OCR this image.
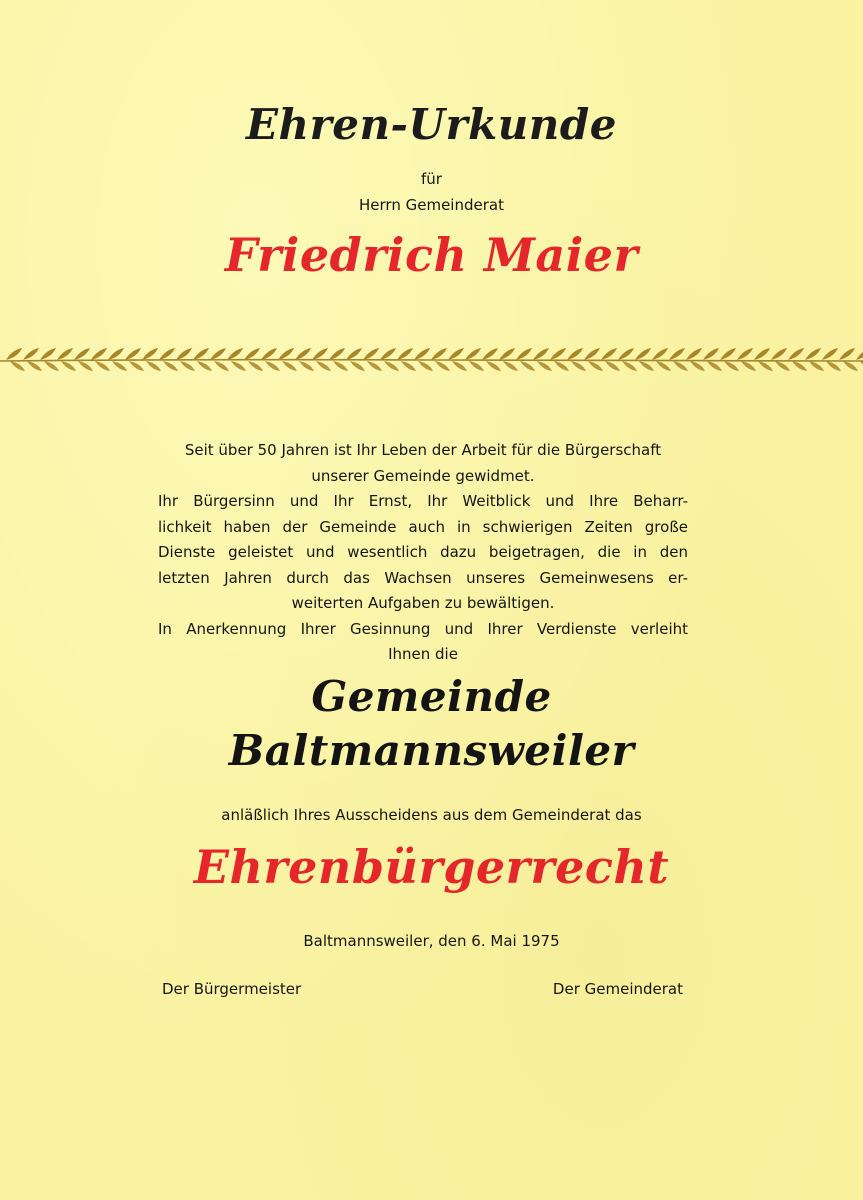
Ehren-Urkunde
für
Herrn Gemeinderat
Friedrich Maier
Seit über 50 Jahren ist Ihr Leben der Arbeit für die Bürgerschaft
unserer Gemeinde gewidmet.
Ihr Bürgersinn und Ihr Ernst, Ihr Weitblick und Ihre Beharr-
lichkeit haben der Gemeinde auch in schwierigen Zeiten große
Dienste geleistet und wesentlich dazu beigetragen, die in den
letzten Jahren durch das Wachsen unseres Gemeinwesens er-
weiterten Aufgaben zu bewältigen.
In Anerkennung Ihrer Gesinnung und Ihrer Verdienste verleiht
Ihnen die
Gemeinde
Baltmannsweiler
anläßlich Ihres Ausscheidens aus dem Gemeinderat das
Ehrenbürgerrecht
Baltmannsweiler, den 6. Mai 1975
Der Bürgermeister	Der Gemeinderat
